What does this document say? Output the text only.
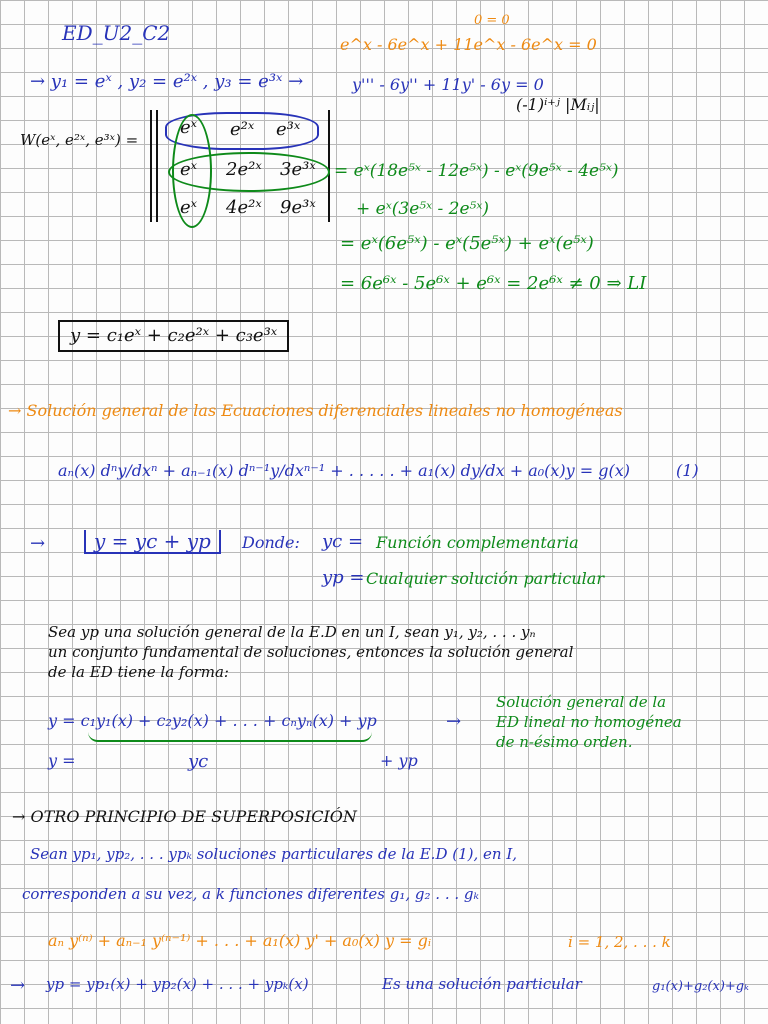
ED_U2_C2
0 = 0
e^x - 6e^x + 11e^x - 6e^x = 0
→ y₁ = eˣ , y₂ = e²ˣ , y₃ = e³ˣ →	y''' - 6y'' + 11y' - 6y = 0
(-1)ⁱ⁺ʲ |Mᵢⱼ|
W(eˣ, e²ˣ, e³ˣ) =
eˣ e²ˣ e³ˣ
eˣ 2e²ˣ 3e³ˣ
eˣ 4e²ˣ 9e³ˣ
= eˣ(18e⁵ˣ - 12e⁵ˣ) - eˣ(9e⁵ˣ - 4e⁵ˣ)
+ eˣ(3e⁵ˣ - 2e⁵ˣ)
= eˣ(6e⁵ˣ) - eˣ(5e⁵ˣ) + eˣ(e⁵ˣ)
= 6e⁶ˣ - 5e⁶ˣ + e⁶ˣ = 2e⁶ˣ ≠ 0 ⇒ LI
y = c₁eˣ + c₂e²ˣ + c₃e³ˣ
→ Solución general de las Ecuaciones diferenciales lineales no homogéneas
aₙ(x) dⁿy/dxⁿ + aₙ₋₁(x) dⁿ⁻¹y/dxⁿ⁻¹ + . . . . . + a₁(x) dy/dx + a₀(x)y = g(x)	(1)
→	y = yc + yp	Donde: yc = Función complementaria
yp = Cualquier solución particular
Sea yp una solución general de la E.D en un I, sean y₁, y₂, . . . yₙ
un conjunto fundamental de soluciones, entonces la solución general
de la ED tiene la forma:
y = c₁y₁(x) + c₂y₂(x) + . . . + cₙyₙ(x) + yp	→
Solución general de la
ED lineal no homogénea
de n-ésimo orden.
y =	yc	+ yp
→ OTRO PRINCIPIO DE SUPERPOSICIÓN
Sean yp₁, yp₂, . . . ypₖ soluciones particulares de la E.D (1), en I,
corresponden a su vez, a k funciones diferentes g₁, g₂ . . . gₖ
aₙ y⁽ⁿ⁾ + aₙ₋₁ y⁽ⁿ⁻¹⁾ + . . . + a₁(x) y' + a₀(x) y = gᵢ	i = 1, 2, . . . k
→ yp = yp₁(x) + yp₂(x) + . . . + ypₖ(x)	Es una solución particular	g₁(x)+g₂(x)+gₖ
